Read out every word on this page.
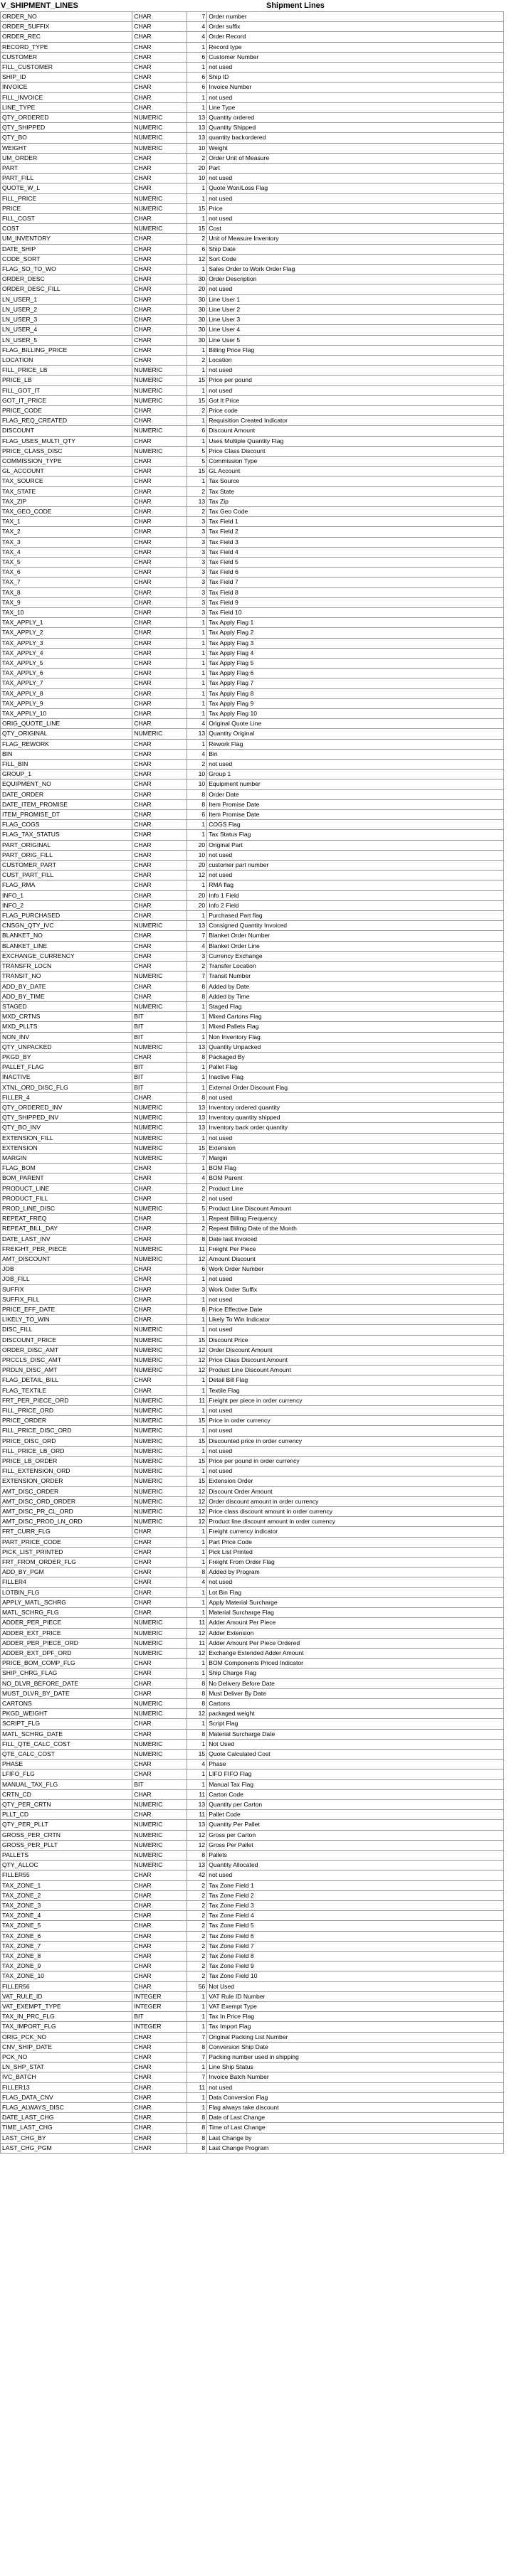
V_SHIPMENT_LINES	Shipment Lines
ORDER_NO	CHAR	7	Order number
ORDER_SUFFIX	CHAR	4	Order suffix
ORDER_REC	CHAR	4	Order Record
RECORD_TYPE	CHAR	1	Record type
CUSTOMER	CHAR	6	Customer Number
FILL_CUSTOMER	CHAR	1	not used
SHIP_ID	CHAR	6	Ship ID
INVOICE	CHAR	6	Invoice Number
FILL_INVOICE	CHAR	1	not used
LINE_TYPE	CHAR	1	Line Type
QTY_ORDERED	NUMERIC	13	Quantity ordered
QTY_SHIPPED	NUMERIC	13	Quantity Shipped
QTY_BO	NUMERIC	13	quantity backordered
WEIGHT	NUMERIC	10	Weight
UM_ORDER	CHAR	2	Order Unit of Measure
PART	CHAR	20	Part
PART_FILL	CHAR	10	not used
QUOTE_W_L	CHAR	1	Quote Won/Loss Flag
FILL_PRICE	NUMERIC	1	not used
PRICE	NUMERIC	15	Price
FILL_COST	CHAR	1	not used
COST	NUMERIC	15	Cost
UM_INVENTORY	CHAR	2	Unit of Measure Inventory
DATE_SHIP	CHAR	6	Ship Date
CODE_SORT	CHAR	12	Sort Code
FLAG_SO_TO_WO	CHAR	1	Sales Order to Work Order Flag
ORDER_DESC	CHAR	30	Order Description
ORDER_DESC_FILL	CHAR	20	not used
LN_USER_1	CHAR	30	Line User 1
LN_USER_2	CHAR	30	Line User 2
LN_USER_3	CHAR	30	Line User 3
LN_USER_4	CHAR	30	Line User 4
LN_USER_5	CHAR	30	Line User 5
FLAG_BILLING_PRICE	CHAR	1	Billing Price Flag
LOCATION	CHAR	2	Location
FILL_PRICE_LB	NUMERIC	1	not used
PRICE_LB	NUMERIC	15	Price per pound
FILL_GOT_IT	NUMERIC	1	not used
GOT_IT_PRICE	NUMERIC	15	Got It Price
PRICE_CODE	CHAR	2	Price code
FLAG_REQ_CREATED	CHAR	1	Requisition Created Indicator
DISCOUNT	NUMERIC	6	Discount Amount
FLAG_USES_MULTI_QTY	CHAR	1	Uses Multiple Quantity Flag
PRICE_CLASS_DISC	NUMERIC	5	Price Class Discount
COMMISSION_TYPE	CHAR	5	Commission Type
GL_ACCOUNT	CHAR	15	GL Account
TAX_SOURCE	CHAR	1	Tax Source
TAX_STATE	CHAR	2	Tax State
TAX_ZIP	CHAR	13	Tax Zip
TAX_GEO_CODE	CHAR	2	Tax Geo Code
TAX_1	CHAR	3	Tax Field 1
TAX_2	CHAR	3	Tax Field 2
TAX_3	CHAR	3	Tax Field 3
TAX_4	CHAR	3	Tax Field 4
TAX_5	CHAR	3	Tax Field 5
TAX_6	CHAR	3	Tax Field 6
TAX_7	CHAR	3	Tax Field 7
TAX_8	CHAR	3	Tax Field 8
TAX_9	CHAR	3	Tax Field 9
TAX_10	CHAR	3	Tax Field 10
TAX_APPLY_1	CHAR	1	Tax Apply Flag 1
TAX_APPLY_2	CHAR	1	Tax Apply Flag 2
TAX_APPLY_3	CHAR	1	Tax Apply Flag 3
TAX_APPLY_4	CHAR	1	Tax Apply Flag 4
TAX_APPLY_5	CHAR	1	Tax Apply Flag 5
TAX_APPLY_6	CHAR	1	Tax Apply Flag 6
TAX_APPLY_7	CHAR	1	Tax Apply Flag 7
TAX_APPLY_8	CHAR	1	Tax Apply Flag 8
TAX_APPLY_9	CHAR	1	Tax Apply Flag 9
TAX_APPLY_10	CHAR	1	Tax Apply Flag 10
ORIG_QUOTE_LINE	CHAR	4	Original Quote Line
QTY_ORIGINAL	NUMERIC	13	Quantity Original
FLAG_REWORK	CHAR	1	Rework Flag
BIN	CHAR	4	Bin
FILL_BIN	CHAR	2	not used
GROUP_1	CHAR	10	Group 1
EQUIPMENT_NO	CHAR	10	Equipment number
DATE_ORDER	CHAR	8	Order Date
DATE_ITEM_PROMISE	CHAR	8	Item Promise Date
ITEM_PROMISE_DT	CHAR	6	Item Promise Date
FLAG_COGS	CHAR	1	COGS Flag
FLAG_TAX_STATUS	CHAR	1	Tax Status Flag
PART_ORIGINAL	CHAR	20	Original Part
PART_ORIG_FILL	CHAR	10	not used
CUSTOMER_PART	CHAR	20	customer part number
CUST_PART_FILL	CHAR	12	not used
FLAG_RMA	CHAR	1	RMA flag
INFO_1	CHAR	20	Info 1 Field
INFO_2	CHAR	20	Info 2 Field
FLAG_PURCHASED	CHAR	1	Purchased Part flag
CNSGN_QTY_IVC	NUMERIC	13	Consigned Quantity Invoiced
BLANKET_NO	CHAR	7	Blanket Order Number
BLANKET_LINE	CHAR	4	Blanket Order Line
EXCHANGE_CURRENCY	CHAR	3	Currency Exchange
TRANSFR_LOCN	CHAR	2	Transfer Location
TRANSIT_NO	NUMERIC	7	Transit Number
ADD_BY_DATE	CHAR	8	Added by Date
ADD_BY_TIME	CHAR	8	Added by Time
STAGED	NUMERIC	1	Staged Flag
MXD_CRTNS	BIT	1	Mixed Cartons Flag
MXD_PLLTS	BIT	1	Mixed Pallets Flag
NON_INV	BIT	1	Non Inventory Flag
QTY_UNPACKED	NUMERIC	13	Quantity Unpacked
PKGD_BY	CHAR	8	Packaged By
PALLET_FLAG	BIT	1	Pallet Flag
INACTIVE	BIT	1	Inactive Flag
XTNL_ORD_DISC_FLG	BIT	1	External Order Discount Flag
FILLER_4	CHAR	8	not used
QTY_ORDERED_INV	NUMERIC	13	Inventory ordered quantity
QTY_SHIPPED_INV	NUMERIC	13	Inventory quantity shipped
QTY_BO_INV	NUMERIC	13	Inventory back order quantity
EXTENSION_FILL	NUMERIC	1	not used
EXTENSION	NUMERIC	15	Extension
MARGIN	NUMERIC	7	Margin
FLAG_BOM	CHAR	1	BOM Flag
BOM_PARENT	CHAR	4	BOM Parent
PRODUCT_LINE	CHAR	2	Product Line
PRODUCT_FILL	CHAR	2	not used
PROD_LINE_DISC	NUMERIC	5	Product Line Discount Amount
REPEAT_FREQ	CHAR	1	Repeat Billing Frequency
REPEAT_BILL_DAY	CHAR	2	Repeat Billing Date of the Month
DATE_LAST_INV	CHAR	8	Date last invoiced
FREIGHT_PER_PIECE	NUMERIC	11	Freight Per Piece
AMT_DISCOUNT	NUMERIC	12	Amount Discount
JOB	CHAR	6	Work Order Number
JOB_FILL	CHAR	1	not used
SUFFIX	CHAR	3	Work Order Suffix
SUFFIX_FILL	CHAR	1	not used
PRICE_EFF_DATE	CHAR	8	Price Effective Date
LIKELY_TO_WIN	CHAR	1	Likely To Win Indicator
DISC_FILL	NUMERIC	1	not used
DISCOUNT_PRICE	NUMERIC	15	Discount Price
ORDER_DISC_AMT	NUMERIC	12	Order Discount Amount
PRCCLS_DISC_AMT	NUMERIC	12	Price Class Discount Amount
PRDLN_DISC_AMT	NUMERIC	12	Product Line Discount Amount
FLAG_DETAIL_BILL	CHAR	1	Detail Bill Flag
FLAG_TEXTILE	CHAR	1	Textile Flag
FRT_PER_PIECE_ORD	NUMERIC	11	Freight per piece in order currency
FILL_PRICE_ORD	NUMERIC	1	not used
PRICE_ORDER	NUMERIC	15	Price in order currency
FILL_PRICE_DISC_ORD	NUMERIC	1	not used
PRICE_DISC_ORD	NUMERIC	15	Discounted price in order currency
FILL_PRICE_LB_ORD	NUMERIC	1	not used
PRICE_LB_ORDER	NUMERIC	15	Price per pound in order currency
FILL_EXTENSION_ORD	NUMERIC	1	not used
EXTENSION_ORDER	NUMERIC	15	Extension Order
AMT_DISC_ORDER	NUMERIC	12	Discount Order Amount
AMT_DISC_ORD_ORDER	NUMERIC	12	Order discount amount in order currency
AMT_DISC_PR_CL_ORD	NUMERIC	12	Price class discount amount in order currency
AMT_DISC_PROD_LN_ORD	NUMERIC	12	Product line discount amount in order currency
FRT_CURR_FLG	CHAR	1	Freight currency indicator
PART_PRICE_CODE	CHAR	1	Part Price Code
PICK_LIST_PRINTED	CHAR	1	Pick List Printed
FRT_FROM_ORDER_FLG	CHAR	1	Freight From Order Flag
ADD_BY_PGM	CHAR	8	Added by Program
FILLER4	CHAR	4	not used
LOTBIN_FLG	CHAR	1	Lot Bin Flag
APPLY_MATL_SCHRG	CHAR	1	Apply Material Surcharge
MATL_SCHRG_FLG	CHAR	1	Material Surcharge Flag
ADDER_PER_PIECE	NUMERIC	11	Adder Amount Per Piece
ADDER_EXT_PRICE	NUMERIC	12	Adder Extension
ADDER_PER_PIECE_ORD	NUMERIC	11	Adder Amount Per Piece Ordered
ADDER_EXT_DPF_ORD	NUMERIC	12	Exchange Extended Adder Amount
PRICE_BOM_COMP_FLG	CHAR	1	BOM Components Priced Indicator
SHIP_CHRG_FLAG	CHAR	1	Ship Charge Flag
NO_DLVR_BEFORE_DATE	CHAR	8	No Delivery Before Date
MUST_DLVR_BY_DATE	CHAR	8	Must Deliver By Date
CARTONS	NUMERIC	8	Cartons
PKGD_WEIGHT	NUMERIC	12	packaged weight
SCRIPT_FLG	CHAR	1	Script Flag
MATL_SCHRG_DATE	CHAR	8	Material Surcharge Date
FILL_QTE_CALC_COST	NUMERIC	1	Not Used
QTE_CALC_COST	NUMERIC	15	Quote Calculated Cost
PHASE	CHAR	4	Phase
LFIFO_FLG	CHAR	1	LIFO FIFO Flag
MANUAL_TAX_FLG	BIT	1	Manual Tax Flag
CRTN_CD	CHAR	11	Carton Code
QTY_PER_CRTN	NUMERIC	13	Quantity per Carton
PLLT_CD	CHAR	11	Pallet Code
QTY_PER_PLLT	NUMERIC	13	Quantity Per Pallet
GROSS_PER_CRTN	NUMERIC	12	Gross per Carton
GROSS_PER_PLLT	NUMERIC	12	Gross Per Pallet
PALLETS	NUMERIC	8	Pallets
QTY_ALLOC	NUMERIC	13	Quantity Allocated
FILLER55	CHAR	42	not used
TAX_ZONE_1	CHAR	2	Tax Zone Field 1
TAX_ZONE_2	CHAR	2	Tax Zone Field 2
TAX_ZONE_3	CHAR	2	Tax Zone Field 3
TAX_ZONE_4	CHAR	2	Tax Zone Field 4
TAX_ZONE_5	CHAR	2	Tax Zone Field 5
TAX_ZONE_6	CHAR	2	Tax Zone Field 6
TAX_ZONE_7	CHAR	2	Tax Zone Field 7
TAX_ZONE_8	CHAR	2	Tax Zone Field 8
TAX_ZONE_9	CHAR	2	Tax Zone Field 9
TAX_ZONE_10	CHAR	2	Tax Zone Field 10
FILLER56	CHAR	56	Not Used
VAT_RULE_ID	INTEGER	1	VAT Rule ID Number
VAT_EXEMPT_TYPE	INTEGER	1	VAT Exempt Type
TAX_IN_PRC_FLG	BIT	1	Tax In Price Flag
TAX_IMPORT_FLG	INTEGER	1	Tax Import Flag
ORIG_PCK_NO	CHAR	7	Original Packing List Number
CNV_SHIP_DATE	CHAR	8	Conversion Ship Date
PCK_NO	CHAR	7	Packing number used in shipping
LN_SHP_STAT	CHAR	1	Line Ship Status
IVC_BATCH	CHAR	7	Invoice Batch Number
FILLER13	CHAR	11	not used
FLAG_DATA_CNV	CHAR	1	Data Conversion Flag
FLAG_ALWAYS_DISC	CHAR	1	Flag always take discount
DATE_LAST_CHG	CHAR	8	Date of Last Change
TIME_LAST_CHG	CHAR	8	Time of Last Change
LAST_CHG_BY	CHAR	8	Last Change by
LAST_CHG_PGM	CHAR	8	Last Change Program
